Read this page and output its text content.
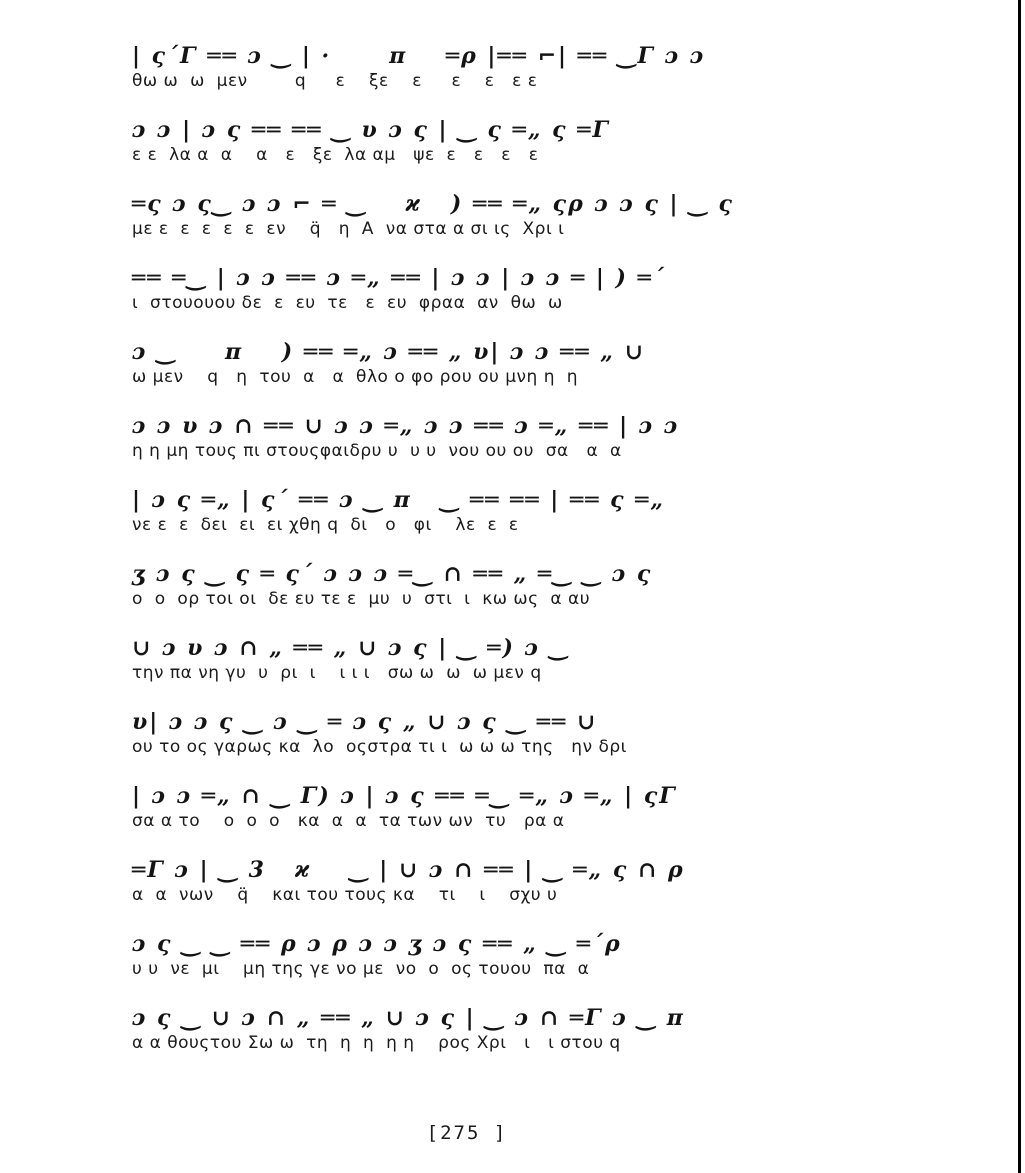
| ς΄Γ ══ ɔ ‿ | ·      π    ═ρ |══ ⌐| ══ ‿Γ ɔ ɔ
θω ω  ω  μεν        q     ε    ξε    ε     ε    ε   ε ε
ɔ ɔ | ɔ ς ══ ══ ‿ υ ɔ ς | ‿ ς ═„ ς ═Γ
ε ε  λα α  α    α   ε   ξε  λα αμ   ψε  ε   ε   ε   ε
═ς ɔ ς‿ ɔ ɔ ⌐ ═ ‿    ϰ   ) ══ ═„ ςρ ɔ ɔ ς | ‿ ς
με ε  ε  ε  ε  ε  εν    q̈   η  Α  να στα α σι ις  Χρι ι
══ ═‿ | ɔ ɔ ══ ɔ ═„ ══ | ɔ ɔ | ɔ ɔ ═ | ) ═΄
ι  στουουου δε  ε  ευ  τε   ε  ευ  φραα  αν  θω  ω
ɔ ‿     π    ) ══ ═„ ɔ ══ „ υ| ɔ ɔ ══ „ ∪
ω μεν    q   η  του  α   α  θλο ο φο ρου ου μνη η  η
ɔ ɔ υ ɔ ∩ ══ ∪ ɔ ɔ ═„ ɔ ɔ ══ ɔ ═„ ══ | ɔ ɔ
η η μη τους πι στουςφαιδρυ υ  υ υ  νου ου ου  σα   α  α
| ɔ ς ═„ | ς΄ ══ ɔ ‿ π   ‿ ══ ══ | ══ ς ═„
νε ε  ε  δει  ει  ει χθη q  δι   ο   φι    λε  ε  ε
ʒ ɔ ς ‿ ς ═ ς΄ ɔ ɔ ɔ ═‿ ∩ ══ „ ═‿ ‿ ɔ ς
ο  ο  ορ τοι οι  δε ευ τε ε  μυ  υ  στι  ι  κω ως  α αυ
∪ ɔ υ ɔ ∩ „ ══ „ ∪ ɔ ς | ‿ ═) ɔ ‿
την πα νη γυ  υ  ρι  ι    ι ι ι   σω ω  ω  ω μεν q
υ| ɔ ɔ ς ‿ ɔ ‿ ═ ɔ ς „ ∪ ɔ ς ‿ ══ ∪
ου το ος γαρως κα  λο  οςστρα τι ι  ω ω ω της   ην δρι
| ɔ ɔ ═„ ∩ ‿ Γ) ɔ | ɔ ς ══ ═‿ ═„ ɔ ═„ | ςΓ
σα α το    ο  ο  ο   κα  α  α  τα των ων  τυ   ρα α
═Γ ɔ | ‿ 3   ϰ    ‿ | ∪ ɔ ∩ ══ | ‿ ═„ ς ∩ ρ
α  α  νων    q̈    και του τους κα    τι    ι    σχυ υ
ɔ ς ‿ ‿ ══ ρ ɔ ρ ɔ ɔ ʒ ɔ ς ══ „ ‿ ═΄ρ
υ υ  νε  μι    μη της γε νο με  νο  ο  ος τουου  πα  α
ɔ ς ‿ ∪ ɔ ∩ „ ══ „ ∪ ɔ ς | ‿ ɔ ∩ ═Γ ɔ ‿ π
α α θουςτου Σω ω  τη  η  η  η η    ρος Χρι   ι   ι στου q
[275 ]
